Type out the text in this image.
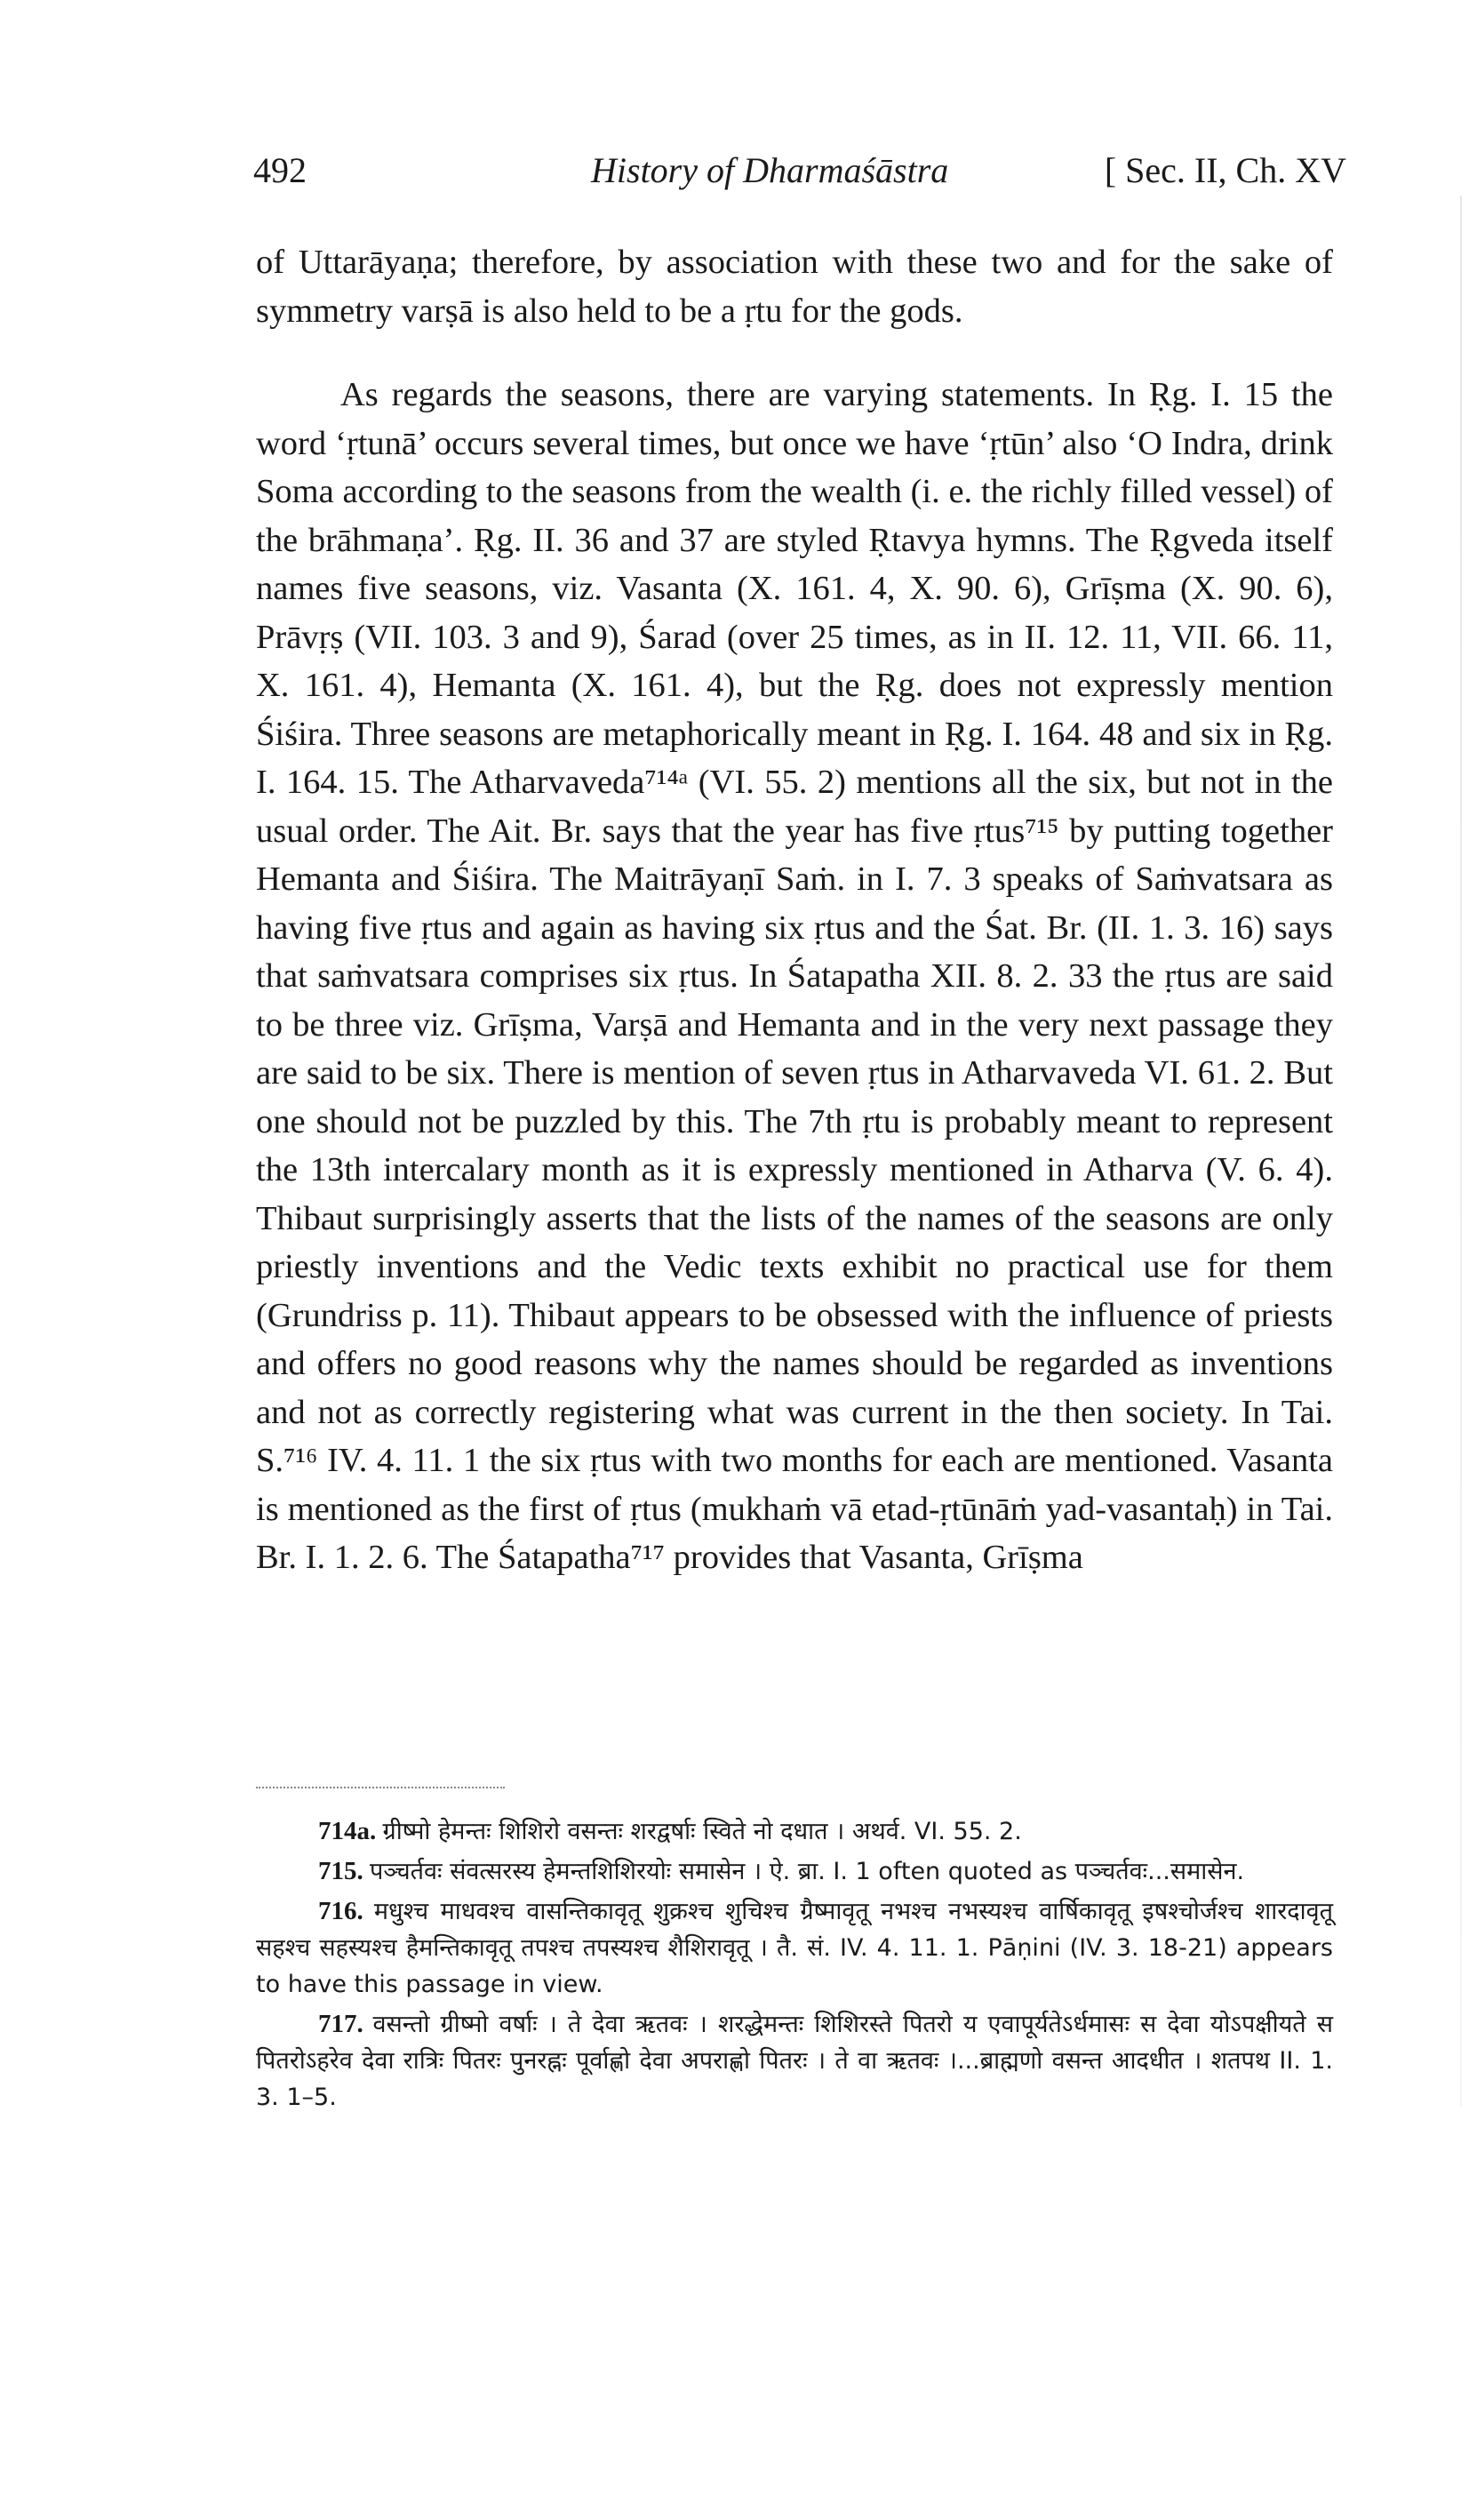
492	History of Dharmaśāstra	[ Sec. II, Ch. XV

of Uttarāyaṇa; therefore, by association with these two and for the sake of symmetry varṣā is also held to be a ṛtu for the gods.

As regards the seasons, there are varying statements. In Ṛg. I. 15 the word ‘ṛtunā’ occurs several times, but once we have ‘ṛtūn’ also ‘O Indra, drink Soma according to the seasons from the wealth (i. e. the richly filled vessel) of the brāhmaṇa’. Ṛg. II. 36 and 37 are styled Ṛtavya hymns. The Ṛgveda itself names five seasons, viz. Vasanta (X. 161. 4, X. 90. 6), Grīṣma (X. 90. 6), Prāvṛṣ (VII. 103. 3 and 9), Śarad (over 25 times, as in II. 12. 11, VII. 66. 11, X. 161. 4), Hemanta (X. 161. 4), but the Ṛg. does not expressly mention Śiśira. Three seasons are metaphorically meant in Ṛg. I. 164. 48 and six in Ṛg. I. 164. 15. The Atharvaveda⁷¹⁴ᵃ (VI. 55. 2) mentions all the six, but not in the usual order. The Ait. Br. says that the year has five ṛtus⁷¹⁵ by putting together Hemanta and Śiśira. The Maitrāyaṇī Saṁ. in I. 7. 3 speaks of Saṁvatsara as having five ṛtus and again as having six ṛtus and the Śat. Br. (II. 1. 3. 16) says that saṁvatsara comprises six ṛtus. In Śatapatha XII. 8. 2. 33 the ṛtus are said to be three viz. Grīṣma, Varṣā and Hemanta and in the very next passage they are said to be six. There is mention of seven ṛtus in Atharvaveda VI. 61. 2. But one should not be puzzled by this. The 7th ṛtu is probably meant to represent the 13th intercalary month as it is expressly mentioned in Atharva (V. 6. 4). Thibaut surprisingly asserts that the lists of the names of the seasons are only priestly inventions and the Vedic texts exhibit no practical use for them (Grundriss p. 11). Thibaut appears to be obsessed with the influence of priests and offers no good reasons why the names should be regarded as inventions and not as correctly registering what was current in the then society. In Tai. S.⁷¹⁶ IV. 4. 11. 1 the six ṛtus with two months for each are mentioned. Vasanta is mentioned as the first of ṛtus (mukhaṁ vā etad-ṛtūnāṁ yad-vasantaḥ) in Tai. Br. I. 1. 2. 6. The Śatapatha⁷¹⁷ provides that Vasanta, Grīṣma

714a. ग्रीष्मो हेमन्तः शिशिरो वसन्तः शरद्वर्षाः स्विते नो दधात । अथर्व. VI. 55. 2.

715. पञ्चर्तवः संवत्सरस्य हेमन्तशिशिरयोः समासेन । ऐ. ब्रा. I. 1 often quoted as पञ्चर्तवः...समासेन.

716. मधुश्च माधवश्च वासन्तिकावृतू शुक्रश्च शुचिश्च ग्रैष्मावृतू नभश्च नभस्यश्च वार्षिकावृतू इषश्चोर्जश्च शारदावृतू सहश्च सहस्यश्च हैमन्तिकावृतू तपश्च तपस्यश्च शैशिरावृतू । तै. सं. IV. 4. 11. 1. Pāṇini (IV. 3. 18-21) appears to have this passage in view.

717. वसन्तो ग्रीष्मो वर्षाः । ते देवा ऋतवः । शरद्धेमन्तः शिशिरस्ते पितरो य एवापूर्यतेऽर्धमासः स देवा योऽपक्षीयते स पितरोऽहरेव देवा रात्रिः पितरः पुनरह्नः पूर्वाह्णो देवा अपराह्णो पितरः । ते वा ऋतवः ।...ब्राह्मणो वसन्त आदधीत । शतपथ II. 1. 3. 1–5.
